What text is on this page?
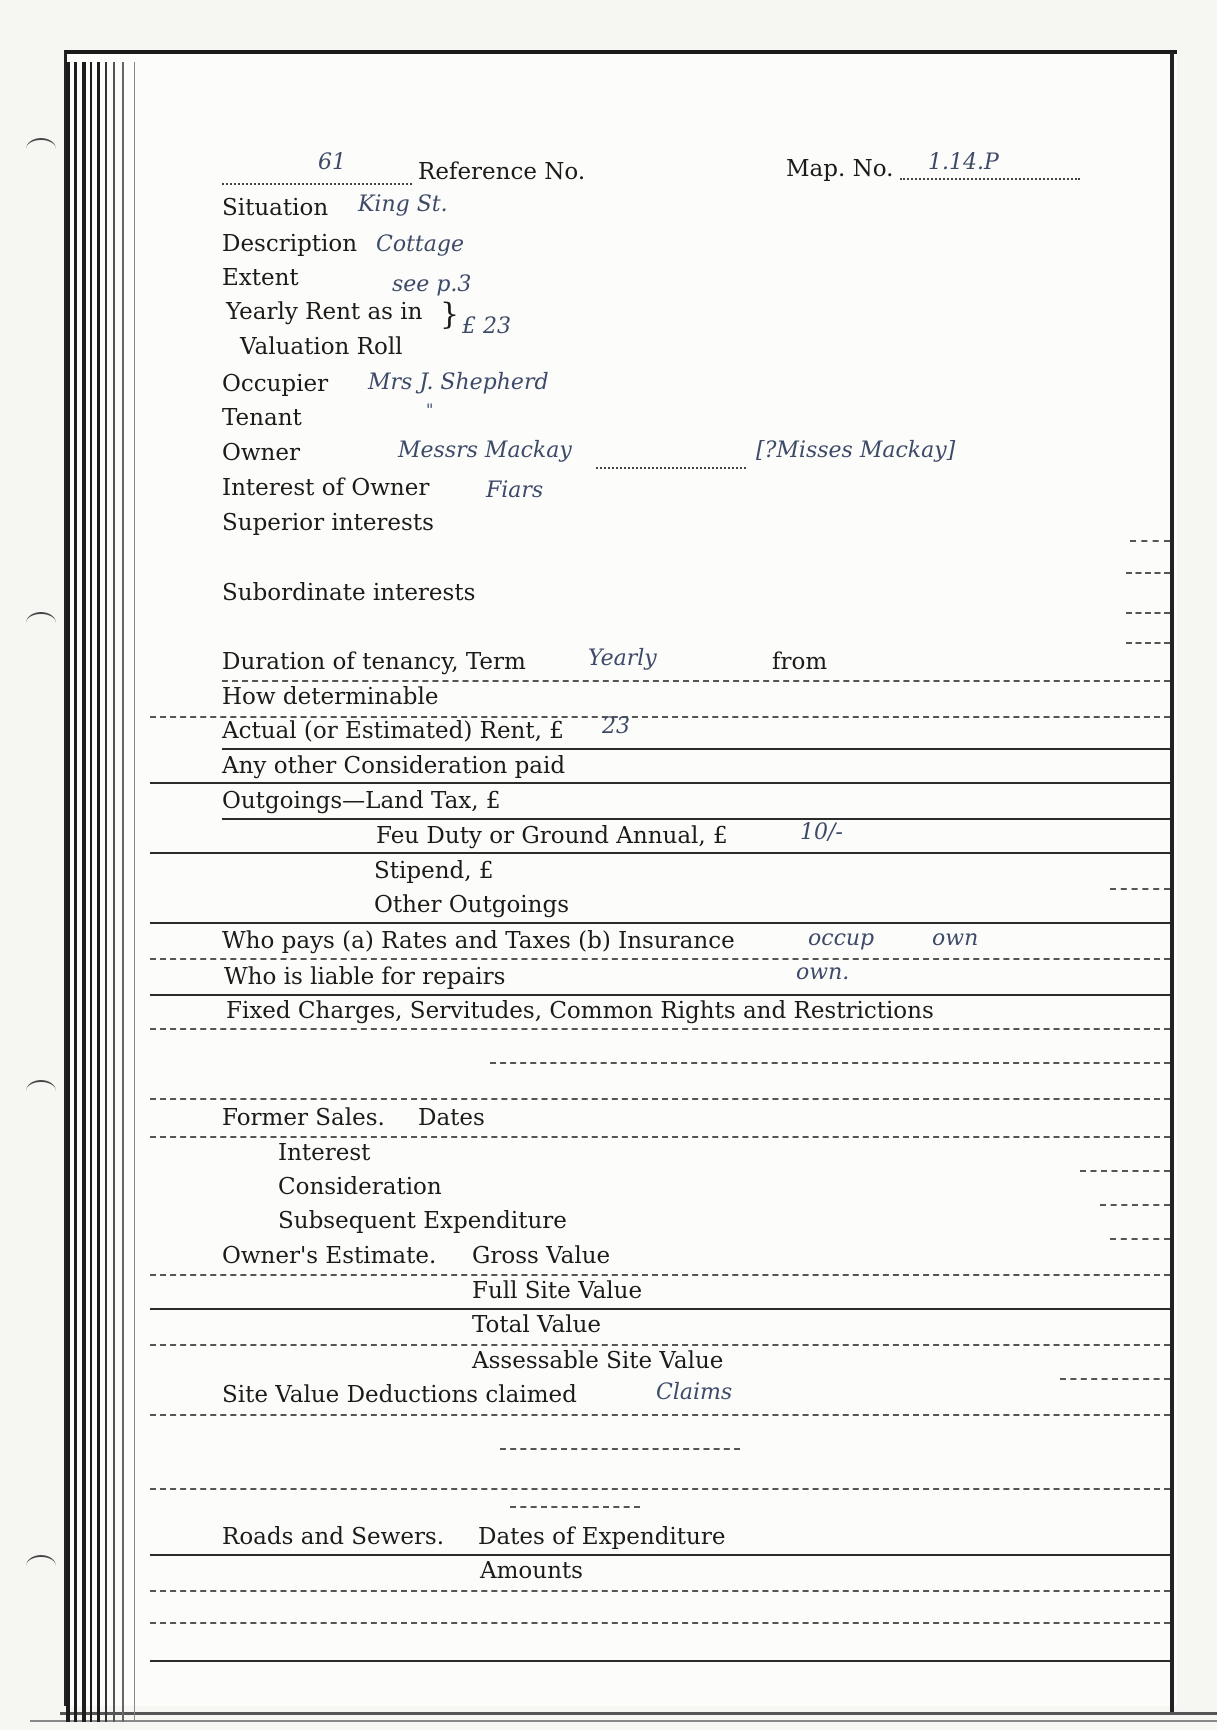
61	Reference No.	Map. No. 1.14.P
Situation King St.
Description Cottage
Extent	see p.3
Yearly Rent as in
Valuation Roll
} £ 23
Occupier Mrs J. Shepherd
Tenant	"
Owner	Messrs Mackay	[?Misses Mackay]
Interest of Owner	Fiars
Superior interests
Subordinate interests
Duration of tenancy, Term	Yearly	from
How determinable
Actual (or Estimated) Rent, £ 23
Any other Consideration paid
Outgoings—Land Tax, £
Feu Duty or Ground Annual, £	10/-
Stipend, £
Other Outgoings
Who pays (a) Rates and Taxes (b) Insurance	occup	own
Who is liable for repairs	own.
Fixed Charges, Servitudes, Common Rights and Restrictions
Former Sales. Dates
Interest
Consideration
Subsequent Expenditure
Owner's Estimate. Gross Value
Full Site Value
Total Value
Assessable Site Value
Site Value Deductions claimed	Claims
Roads and Sewers. Dates of Expenditure
Amounts
